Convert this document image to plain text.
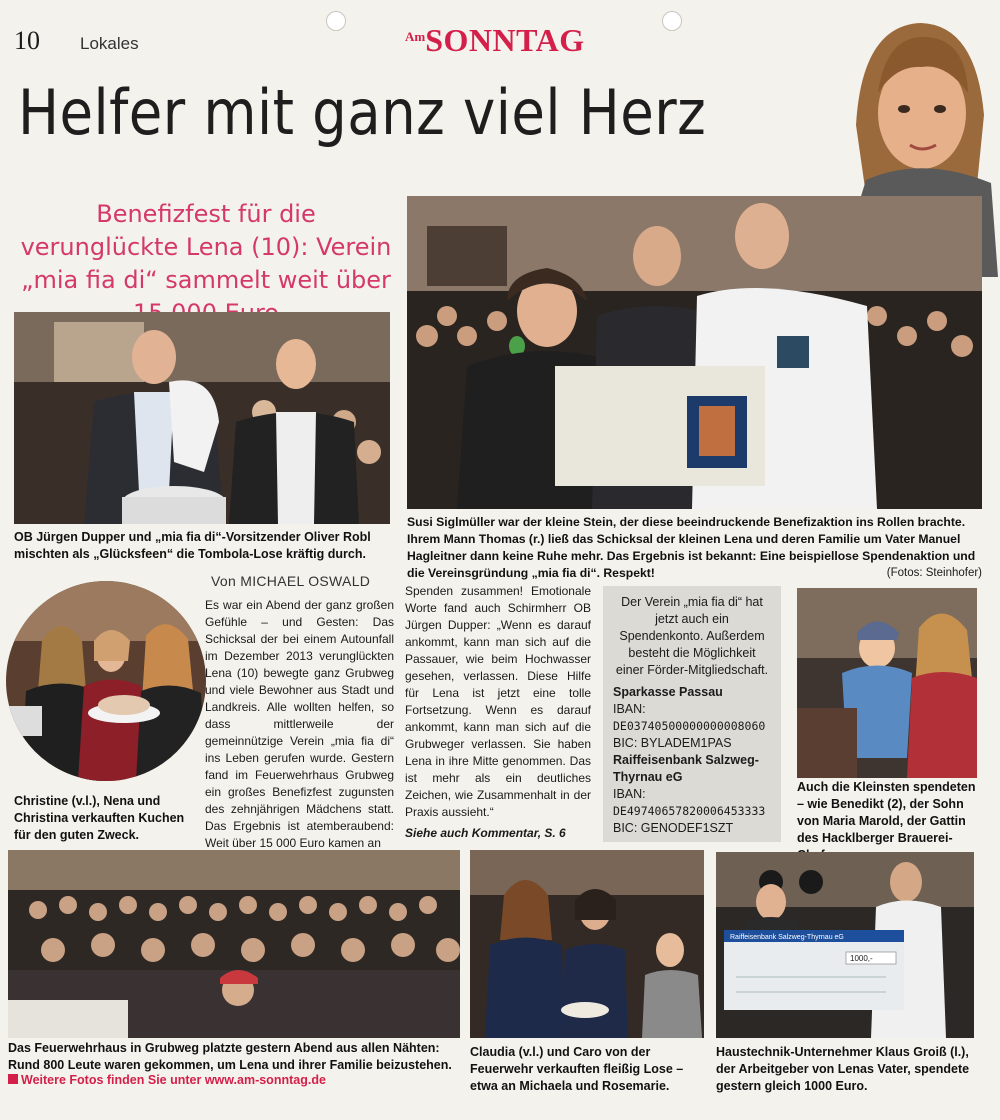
10 Lokales	$^{Am}$SONNTAG
Helfer mit ganz viel Herz
Benefizfest für die verunglückte Lena (10): Verein „mia fia di“ sammelt weit über
OB Jürgen Dupper und „mia fia di“-Vorsitzender Oliver Robl mischten als „Glücksfeen“ die Tombola-Lose kräftig durch.
Susi Siglmüller war der kleine Stein, der diese beeindruckende Benefizaktion ins Rollen brachte. Ihrem Mann Thomas (r.) ließ das Schicksal der kleinen Lena und deren Familie um Vater Manuel Hagleitner dann keine Ruhe mehr. Das Ergebnis ist bekannt: Eine beispiellose Spendenaktion und die Vereinsgründung „mia fia di“. Respekt!	(Fotos: Steinhofer)
Christine (v.l.), Nena und Christina verkauften Kuchen für den guten Zweck.
Von MICHAEL OSWALD
Es war ein Abend der ganz großen Gefühle – und Gesten: Das Schicksal der bei einem Autounfall im Dezember 2013 verunglückten Lena (10) bewegte ganz Grubweg und viele Bewohner aus Stadt und Landkreis. Alle wollten helfen, so dass mittlerweile der gemeinnützige Verein „mia fia di“ ins Leben gerufen wurde. Gestern fand im Feuerwehrhaus Grubweg ein großes Benefizfest zugunsten des zehnjährigen Mädchens statt. Das Ergebnis ist atemberaubend: Weit über 15 000 Euro kamen an
Spenden zusammen! Emotionale Worte fand auch Schirmherr OB Jürgen Dupper: „Wenn es darauf ankommt, kann man sich auf die Passauer, wie beim Hochwasser gesehen, verlassen. Diese Hilfe für Lena ist jetzt eine tolle Fortsetzung. Wenn es darauf ankommt, kann man sich auf die Grubweger verlassen. Sie haben Lena in ihre Mitte genommen. Das ist mehr als ein deutliches Zeichen, wie Zusammenhalt in der Praxis aussieht.“
Siehe auch Kommentar, S. 6
Der Verein „mia fia di“ hat jetzt auch ein Spendenkonto. Außerdem besteht die Möglichkeit einer Förder-Mitgliedschaft.
Sparkasse Passau
IBAN:
DE03740500000000008060
BIC: BYLADEM1PAS
Raiffeisenbank Salzweg-Thyrnau eG
IBAN:
DE49740657820006453333
BIC: GENODEF1SZT
Auch die Kleinsten spendeten – wie Benedikt (2), der Sohn von Maria Marold, der Gattin des Hacklberger Brauerei-
Das Feuerwehrhaus in Grubweg platzte gestern Abend aus allen Nähten: Rund 800 Leute waren gekommen, um Lena und ihrer Familie beizustehen.
Weitere Fotos finden Sie unter www.am-sonntag.de
Claudia (v.l.) und Caro von der Feuerwehr verkauften fleißig Lose – etwa an Michaela und Rosemarie.
Raiffeisenbank Salzweg-Thyrnau eG
1000,-
Haustechnik-Unternehmer Klaus Groiß (l.), der Arbeitgeber von Lenas Vater, spendete gestern gleich 1000 Euro.
